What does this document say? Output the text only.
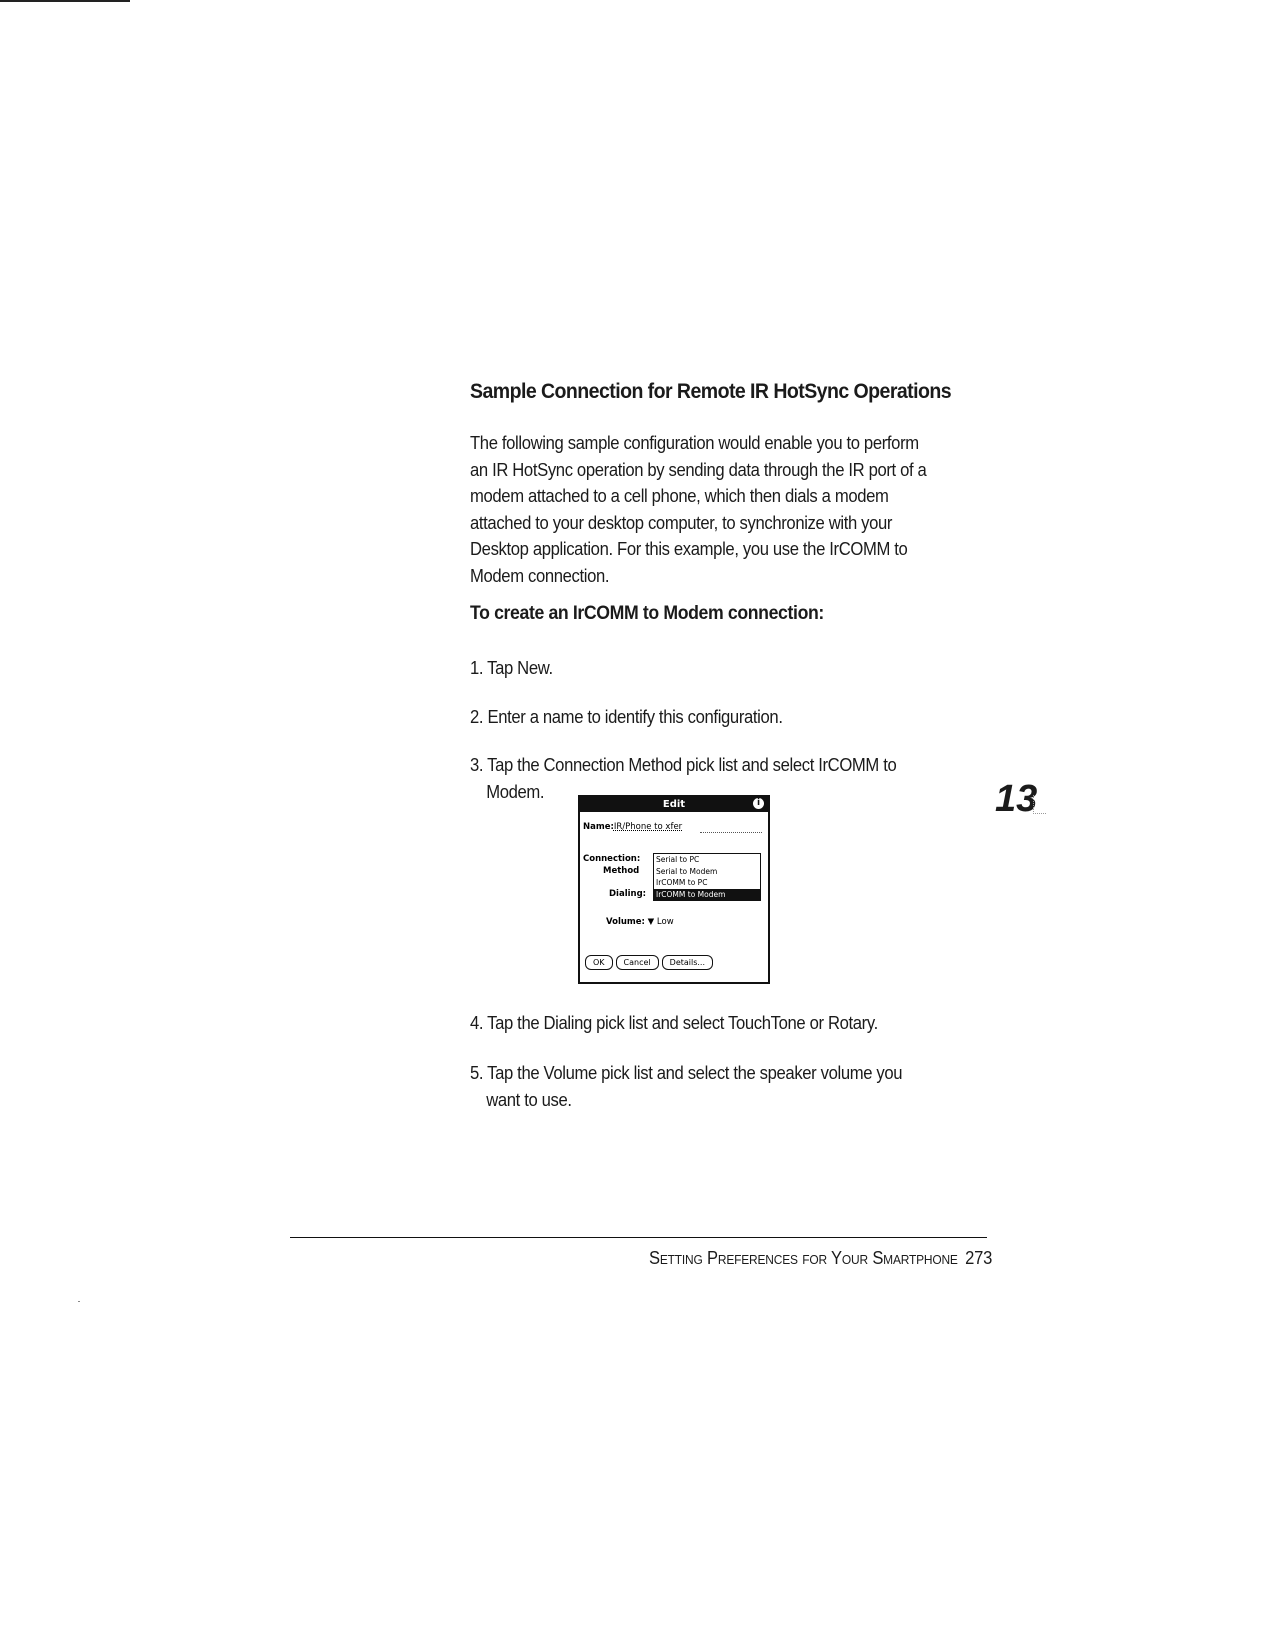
Sample Connection for Remote IR HotSync Operations
The following sample configuration would enable you to perform
an IR HotSync operation by sending data through the IR port of a
modem attached to a cell phone, which then dials a modem
attached to your desktop computer, to synchronize with your
Desktop application. For this example, you use the IrCOMM to
Modem connection.
To create an IrCOMM to Modem connection:
1. Tap New.
2. Enter a name to identify this configuration.
3. Tap the Connection Method pick list and select IrCOMM to
Modem.	13
Edit	i
Name:IR/Phone to xfer
Connection:
Method
Dialing:
Serial to PC
Serial to Modem
IrCOMM to PC
IrCOMM to Modem
Volume: ▼ Low
OK	Cancel	Details...
4. Tap the Dialing pick list and select TouchTone or Rotary.
5. Tap the Volume pick list and select the speaker volume you
want to use.
Setting Preferences for Your Smartphone 273
